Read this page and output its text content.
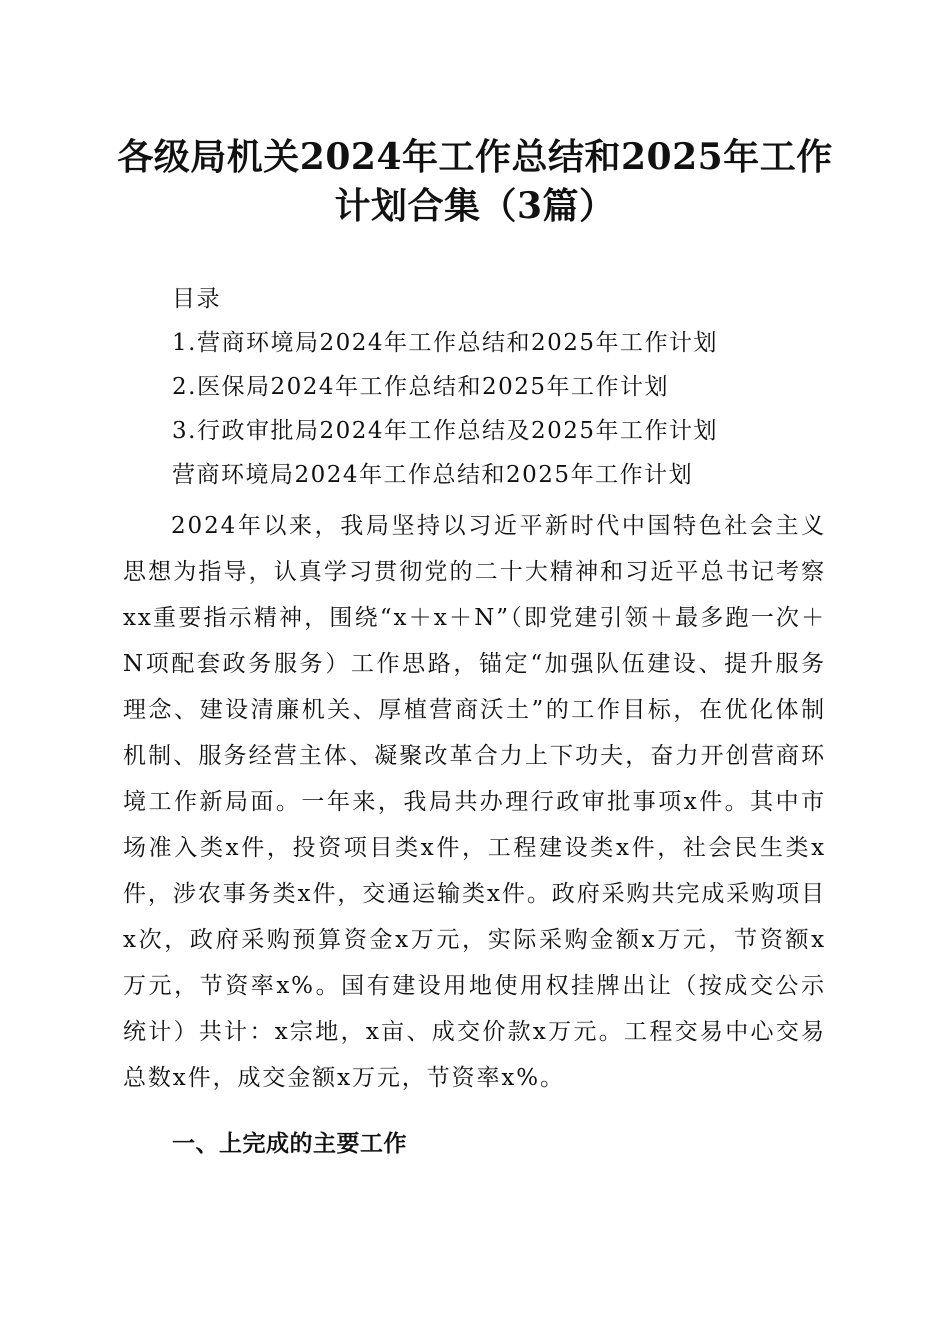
各级局机关2024年工作总结和2025年工作计划合集（3篇）

目录

1.营商环境局2024年工作总结和2025年工作计划

2.医保局2024年工作总结和2025年工作计划

3.行政审批局2024年工作总结及2025年工作计划

营商环境局2024年工作总结和2025年工作计划

2024年以来，我局坚持以习近平新时代中国特色社会主义思想为指导，认真学习贯彻党的二十大精神和习近平总书记考察xx重要指示精神，围绕“x＋x＋N”（即党建引领＋最多跑一次＋N项配套政务服务）工作思路，锚定“加强队伍建设、提升服务理念、建设清廉机关、厚植营商沃土”的工作目标，在优化体制机制、服务经营主体、凝聚改革合力上下功夫，奋力开创营商环境工作新局面。一年来，我局共办理行政审批事项x件。其中市场准入类x件，投资项目类x件，工程建设类x件，社会民生类x件，涉农事务类x件，交通运输类x件。政府采购共完成采购项目x次，政府采购预算资金x万元，实际采购金额x万元，节资额x万元，节资率x%。国有建设用地使用权挂牌出让（按成交公示统计）共计：x宗地，x亩、成交价款x万元。工程交易中心交易总数x件，成交金额x万元，节资率x%。

一、上完成的主要工作
